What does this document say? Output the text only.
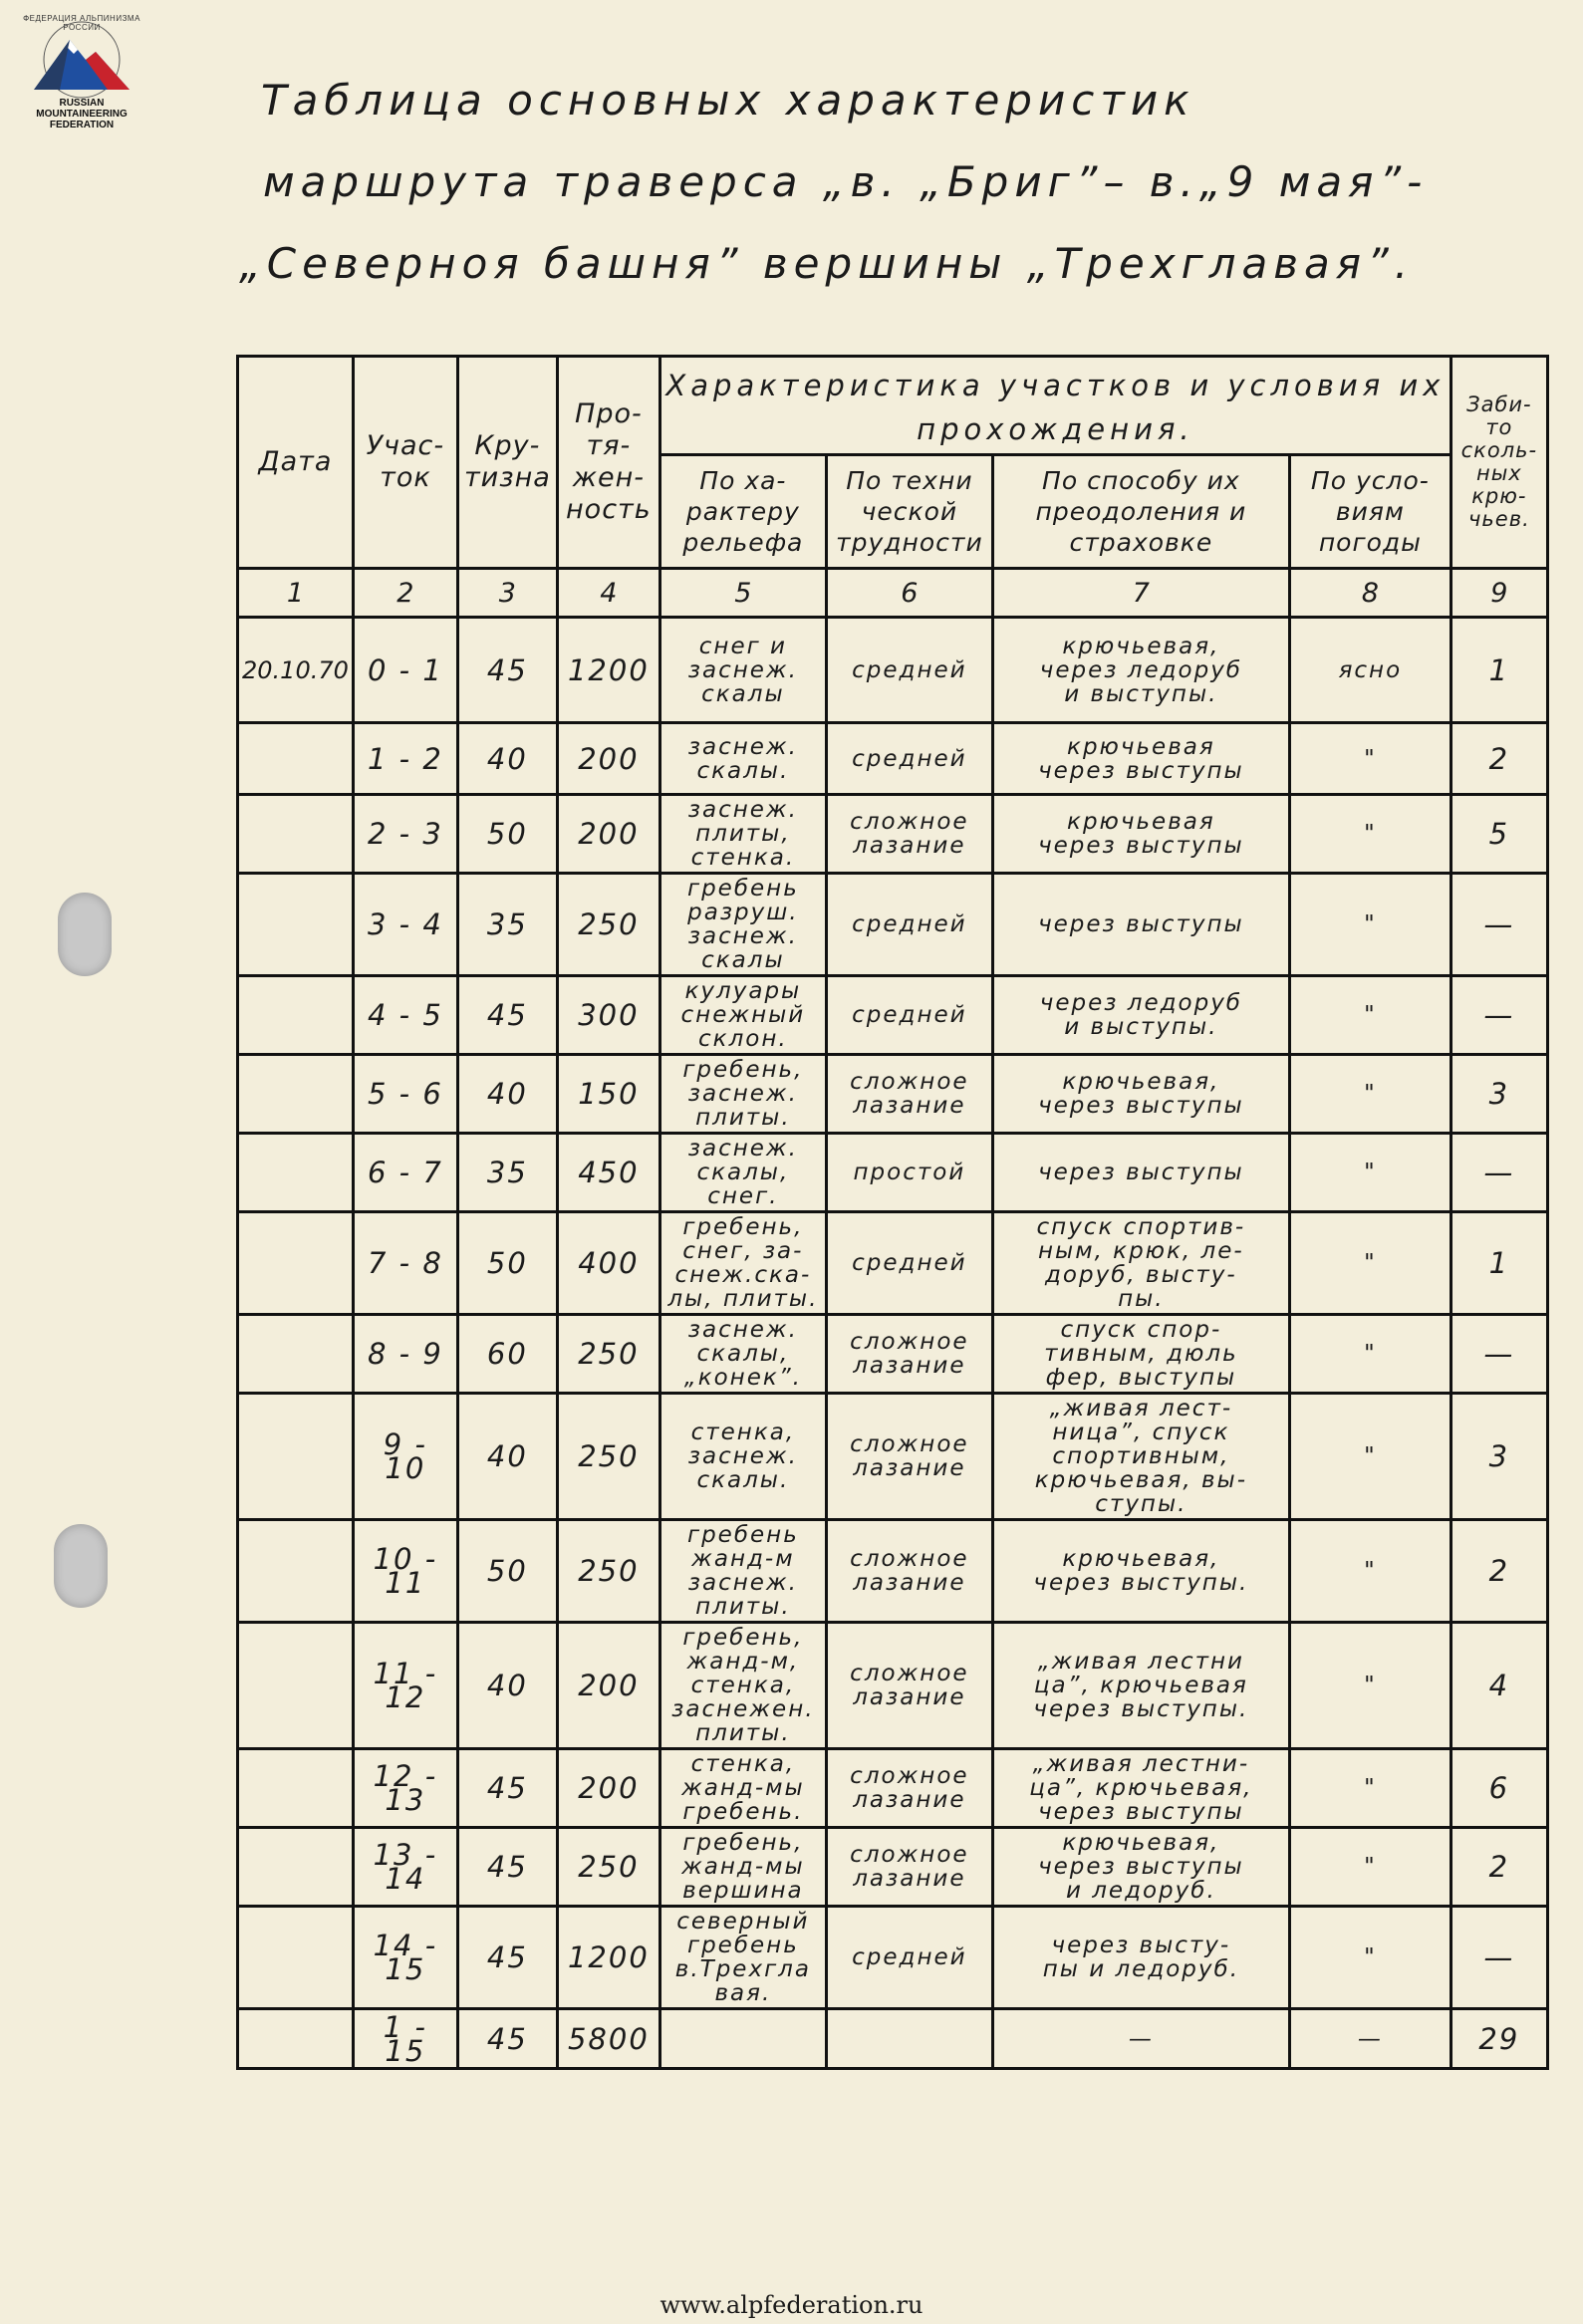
ФЕДЕРАЦИЯ АЛЬПИНИЗМА РОССИИ
RUSSIAN
MOUNTAINEERING
FEDERATION
Таблица основных характеристик
маршрута траверса „в. „Бриг”– в.„9 мая”-
„Северноя башня” вершины „Трехглавая”.
Дата	Учас- ток	Кру- тизна	Про- тя- жен- ность	Характеристика участков и условия их прохождения.				Заби- то сколь- ных крю- чьев.
				По ха- рактеру рельефа	По техни ческой трудности	По способу их преодоления и страховке	По усло- виям погоды	
1	2	3	4	5	6	7	8	9
20.10.70	0 - 1	45	1200	снег и
заснеж.
скалы	средней	крючьевая,
через ледоруб
и выступы.	ясно	1
	1 - 2	40	200	заснеж.
скалы.	средней	крючьевая
через выступы	"	2
	2 - 3	50	200	заснеж.
плиты,
стенка.	сложное
лазание	крючьевая
через выступы	"	5
	3 - 4	35	250	гребень
разруш.
заснеж.
скалы	средней	через выступы	"	—
	4 - 5	45	300	кулуары
снежный
склон.	средней	через ледоруб
и выступы.	"	—
	5 - 6	40	150	гребень,
заснеж.
плиты.	сложное
лазание	крючьевая,
через выступы	"	3
	6 - 7	35	450	заснеж.
скалы,
снег.	простой	через выступы	"	—
	7 - 8	50	400	гребень,
снег, за-
снеж.ска-
лы, плиты.	средней	спуск спортив-
ным, крюк, ле-
доруб, высту-
пы.	"	1
	8 - 9	60	250	заснеж.
скалы,
„конек”.	сложное
лазание	спуск спор-
тивным, дюль
фер, выступы	"	—
	9 - 10	40	250	стенка,
заснеж.
скалы.	сложное
лазание	„живая лест-
ница”, спуск
спортивным,
крючьевая, вы-
ступы.	"	3
	10 - 11	50	250	гребень
жанд-м
заснеж.
плиты.	сложное
лазание	крючьевая,
через выступы.	"	2
	11 - 12	40	200	гребень,
жанд-м,
стенка,
заснежен.
плиты.	сложное
лазание	„живая лестни
ца”, крючьевая
через выступы.	"	4
	12 - 13	45	200	стенка,
жанд-мы
гребень.	сложное
лазание	„живая лестни-
ца”, крючьевая,
через выступы	"	6
	13 - 14	45	250	гребень,
жанд-мы
вершина	сложное
лазание	крючьевая,
через выступы
и ледоруб.	"	2
	14 - 15	45	1200	северный
гребень
в.Трехгла
вая.	средней	через высту-
пы и ледоруб.	"	—
	1 - 15	45	5800			—	—	29
www.alpfederation.ru
